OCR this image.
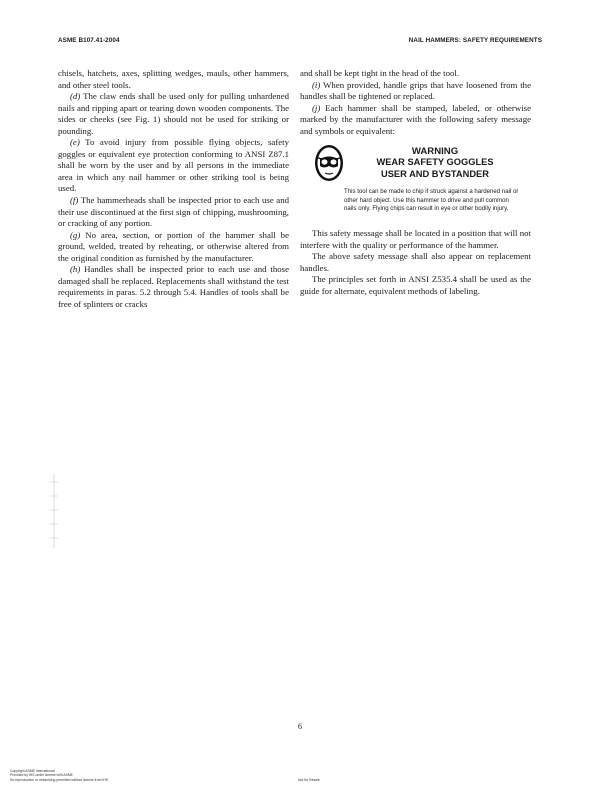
ASME B107.41-2004	NAIL HAMMERS: SAFETY REQUIREMENTS

chisels, hatchets, axes, splitting wedges, mauls, other hammers, and other steel tools.

(d) The claw ends shall be used only for pulling unhardened nails and ripping apart or tearing down wooden components. The sides or cheeks (see Fig. 1) should not be used for striking or pounding.

(e) To avoid injury from possible flying objects, safety goggles or equivalent eye protection conforming to ANSI Z87.1 shall be worn by the user and by all persons in the immediate area in which any nail hammer or other striking tool is being used.

(f) The hammerheads shall be inspected prior to each use and their use discontinued at the first sign of chipping, mushrooming, or cracking of any portion.

(g) No area, section, or portion of the hammer shall be ground, welded, treated by reheating, or otherwise altered from the original condition as furnished by the manufacturer.

(h) Handles shall be inspected prior to each use and those damaged shall be replaced. Replacements shall withstand the test requirements in paras. 5.2 through 5.4. Handles of tools shall be free of splinters or cracks

and shall be kept tight in the head of the tool.

(i) When provided, handle grips that have loosened from the handles shall be tightened or replaced.

(j) Each hammer shall be stamped, labeled, or otherwise marked by the manufacturer with the following safety message and symbols or equivalent:

WARNING
WEAR SAFETY GOGGLES
USER AND BYSTANDER
This tool can be made to chip if struck against a hardened nail or other hard object. Use this hammer to drive and pull common nails only. Flying chips can result in eye or other bodily injury.

This safety message shall be located in a position that will not interfere with the quality or performance of the hammer.

The above safety message shall also appear on replacement handles.

The principles set forth in ANSI Z535.4 shall be used as the guide for alternate, equivalent methods of labeling.

6
Copyright ASME International
Provided by IHS under license with ASME
No reproduction or networking permitted without license from IHS	Not for Resale
